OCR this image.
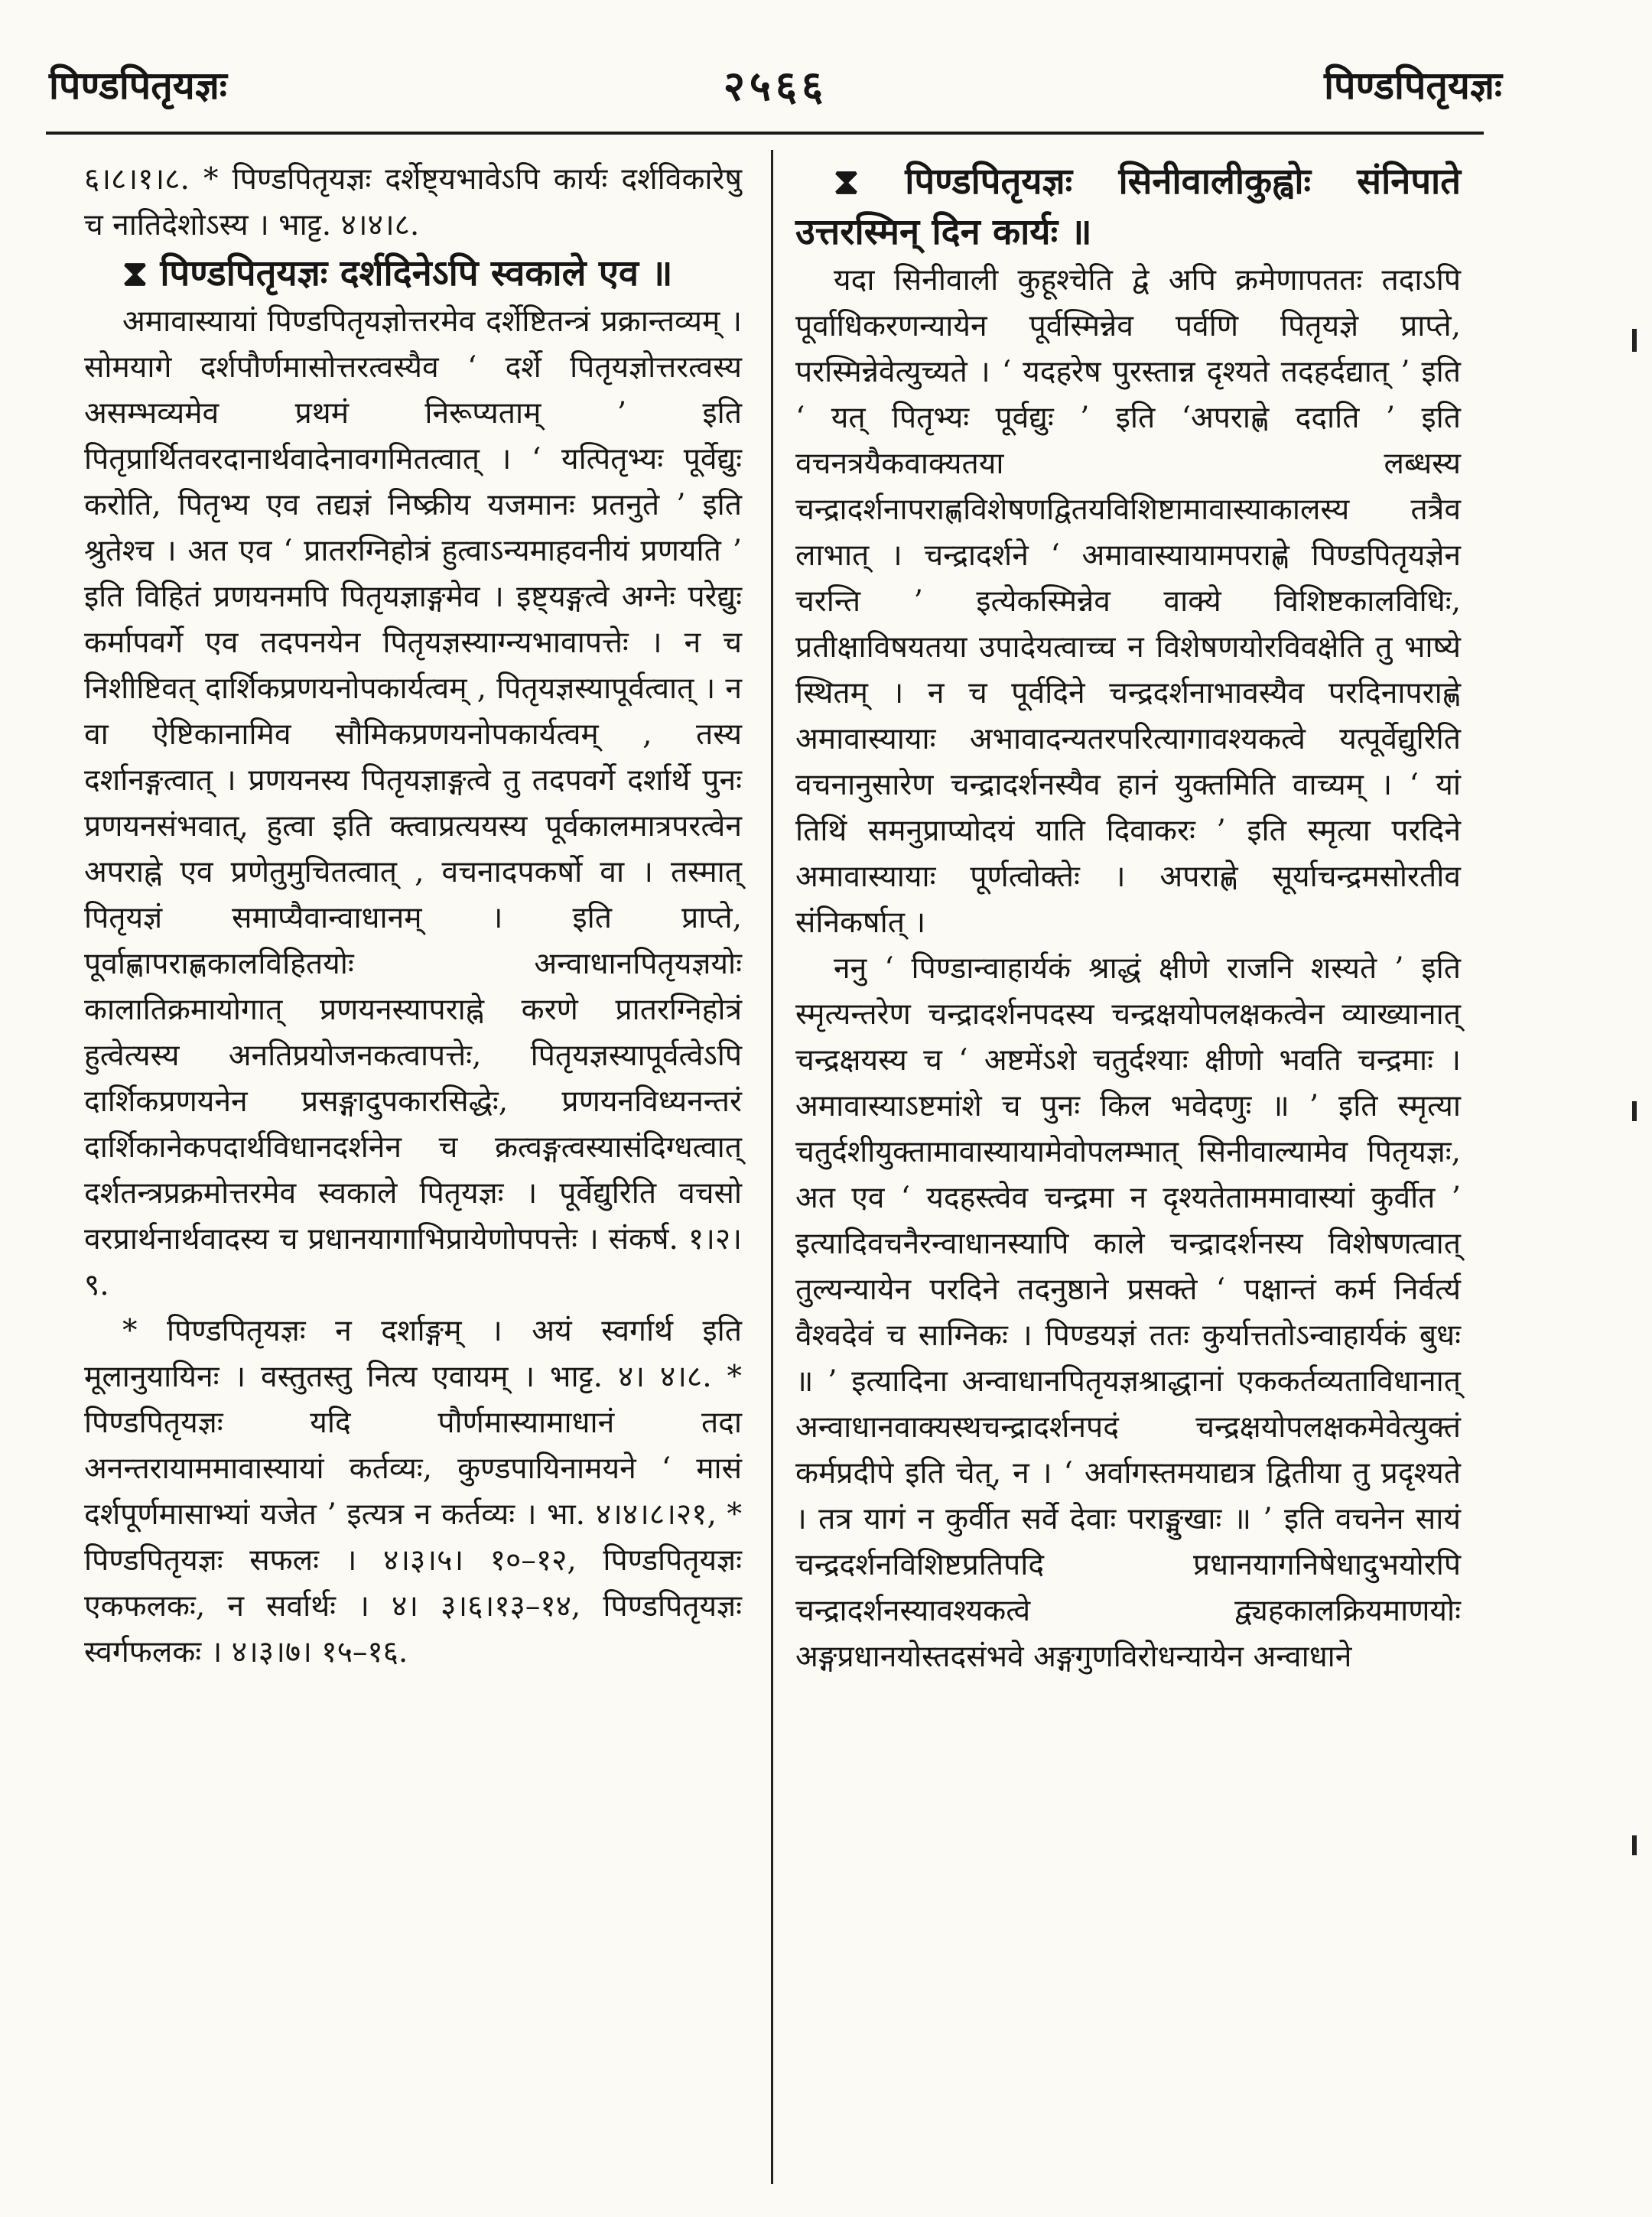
पिण्डपितृयज्ञः	२५६६	पिण्डपितृयज्ञः

६।८।१।८. * पिण्डपितृयज्ञः दर्शेष्ट्यभावेऽपि कार्यः दर्शविकारेषु च नातिदेशोऽस्य । भाट्ट. ४।४।८.

⧗ पिण्डपितृयज्ञः दर्शदिनेऽपि स्वकाले एव ॥

अमावास्यायां पिण्डपितृयज्ञोत्तरमेव दर्शेष्टितन्त्रं प्रक्रान्तव्यम् । सोमयागे दर्शपौर्णमासोत्तरत्वस्यैव ‘ दर्शे पितृयज्ञोत्तरत्वस्य असम्भव्यमेव प्रथमं निरूप्यताम् ’ इति पितृप्रार्थितवरदानार्थवादेनावगमितत्वात् । ‘ यत्पितृभ्यः पूर्वेद्युः करोति, पितृभ्य एव तद्यज्ञं निष्क्रीय यजमानः प्रतनुते ’ इति श्रुतेश्च । अत एव ‘ प्रातरग्निहोत्रं हुत्वाऽन्यमाहवनीयं प्रणयति ’ इति विहितं प्रणयनमपि पितृयज्ञाङ्गमेव । इष्ट्यङ्गत्वे अग्नेः परेद्युः कर्मापवर्गे एव तदपनयेन पितृयज्ञस्याग्न्यभावापत्तेः । न च निशीष्टिवत् दार्शिकप्रणयनोपकार्यत्वम् , पितृयज्ञस्यापूर्वत्वात् । न वा ऐष्टिकानामिव सौमिकप्रणयनोपकार्यत्वम् , तस्य दर्शानङ्गत्वात् । प्रणयनस्य पितृयज्ञाङ्गत्वे तु तदपवर्गे दर्शार्थे पुनः प्रणयनसंभवात्, हुत्वा इति क्त्वाप्रत्ययस्य पूर्वकालमात्रपरत्वेन अपराह्ने एव प्रणेतुमुचितत्वात् , वचनादपकर्षो वा । तस्मात् पितृयज्ञं समाप्यैवान्वाधानम् । इति प्राप्ते, पूर्वाह्णापराह्णकालविहितयोः अन्वाधानपितृयज्ञयोः कालातिक्रमायोगात् प्रणयनस्यापराह्ने करणे प्रातरग्निहोत्रं हुत्वेत्यस्य अनतिप्रयोजनकत्वापत्तेः, पितृयज्ञस्यापूर्वत्वेऽपि दार्शिकप्रणयनेन प्रसङ्गादुपकारसिद्धेः, प्रणयनविध्यनन्तरं दार्शिकानेकपदार्थविधानदर्शनेन च क्रत्वङ्गत्वस्यासंदिग्धत्वात् दर्शतन्त्रप्रक्रमोत्तरमेव स्वकाले पितृयज्ञः । पूर्वेद्युरिति वचसो वरप्रार्थनार्थवादस्य च प्रधानयागाभिप्रायेणोपपत्तेः । संकर्ष. १।२।९.

* पिण्डपितृयज्ञः न दर्शाङ्गम् । अयं स्वर्गार्थ इति मूलानुयायिनः । वस्तुतस्तु नित्य एवायम् । भाट्ट. ४। ४।८. * पिण्डपितृयज्ञः यदि पौर्णमास्यामाधानं तदा अनन्तरायाममावास्यायां कर्तव्यः, कुण्डपायिनामयने ‘ मासं दर्शपूर्णमासाभ्यां यजेत ’ इत्यत्र न कर्तव्यः । भा. ४।४।८।२१, * पिण्डपितृयज्ञः सफलः । ४।३।५। १०–१२, पिण्डपितृयज्ञः एकफलकः, न सर्वार्थः । ४। ३।६।१३–१४, पिण्डपितृयज्ञः स्वर्गफलकः । ४।३।७। १५–१६.

⧗ पिण्डपितृयज्ञः सिनीवालीकुह्वोः संनिपाते उत्तरस्मिन् दिन कार्यः ॥

यदा सिनीवाली कुहूश्चेति द्वे अपि क्रमेणापततः तदाऽपि पूर्वाधिकरणन्यायेन पूर्वस्मिन्नेव पर्वणि पितृयज्ञे प्राप्ते, परस्मिन्नेवेत्युच्यते । ‘ यदहरेष पुरस्तान्न दृश्यते तदहर्दद्यात् ’ इति ‘ यत् पितृभ्यः पूर्वद्युः ’ इति ‘अपराह्णे ददाति ’ इति वचनत्रयैकवाक्यतया लब्धस्य चन्द्रादर्शनापराह्णविशेषणद्वितयविशिष्टामावास्याकालस्य तत्रैव लाभात् । चन्द्रादर्शने ‘ अमावास्यायामपराह्णे पिण्डपितृयज्ञेन चरन्ति ’ इत्येकस्मिन्नेव वाक्ये विशिष्टकालविधिः, प्रतीक्षाविषयतया उपादेयत्वाच्च न विशेषणयोरविवक्षेति तु भाष्ये स्थितम् । न च पूर्वदिने चन्द्रदर्शनाभावस्यैव परदिनापराह्णे अमावास्यायाः अभावादन्यतरपरित्यागावश्यकत्वे यत्पूर्वेद्युरिति वचनानुसारेण चन्द्रादर्शनस्यैव हानं युक्तमिति वाच्यम् । ‘ यां तिथिं समनुप्राप्योदयं याति दिवाकरः ’ इति स्मृत्या परदिने अमावास्यायाः पूर्णत्वोक्तेः । अपराह्णे सूर्याचन्द्रमसोरतीव संनिकर्षात् ।

ननु ‘ पिण्डान्वाहार्यकं श्राद्धं क्षीणे राजनि शस्यते ’ इति स्मृत्यन्तरेण चन्द्रादर्शनपदस्य चन्द्रक्षयोपलक्षकत्वेन व्याख्यानात् चन्द्रक्षयस्य च ‘ अष्टमेंऽशे चतुर्दश्याः क्षीणो भवति चन्द्रमाः । अमावास्याऽष्टमांशे च पुनः किल भवेदणुः ॥ ’ इति स्मृत्या चतुर्दशीयुक्तामावास्यायामेवोपलम्भात् सिनीवाल्यामेव पितृयज्ञः, अत एव ‘ यदहस्त्वेव चन्द्रमा न दृश्यतेताममावास्यां कुर्वीत ’ इत्यादिवचनैरन्वाधानस्यापि काले चन्द्रादर्शनस्य विशेषणत्वात् तुल्यन्यायेन परदिने तदनुष्ठाने प्रसक्ते ‘ पक्षान्तं कर्म निर्वर्त्य वैश्वदेवं च साग्निकः । पिण्डयज्ञं ततः कुर्यात्ततोऽन्वाहार्यकं बुधः ॥ ’ इत्यादिना अन्वाधानपितृयज्ञश्राद्धानां एककर्तव्यताविधानात् अन्वाधानवाक्यस्थचन्द्रादर्शनपदं चन्द्रक्षयोपलक्षकमेवेत्युक्तं कर्मप्रदीपे इति चेत्, न । ‘ अर्वागस्तमयाद्यत्र द्वितीया तु प्रदृश्यते । तत्र यागं न कुर्वीत सर्वे देवाः पराङ्मुखाः ॥ ’ इति वचनेन सायं चन्द्रदर्शनविशिष्टप्रतिपदि प्रधानयागनिषेधादुभयोरपि चन्द्रादर्शनस्यावश्यकत्वे द्व्यहकालक्रियमाणयोः अङ्गप्रधानयोस्तदसंभवे अङ्गगुणविरोधन्यायेन अन्वाधाने
